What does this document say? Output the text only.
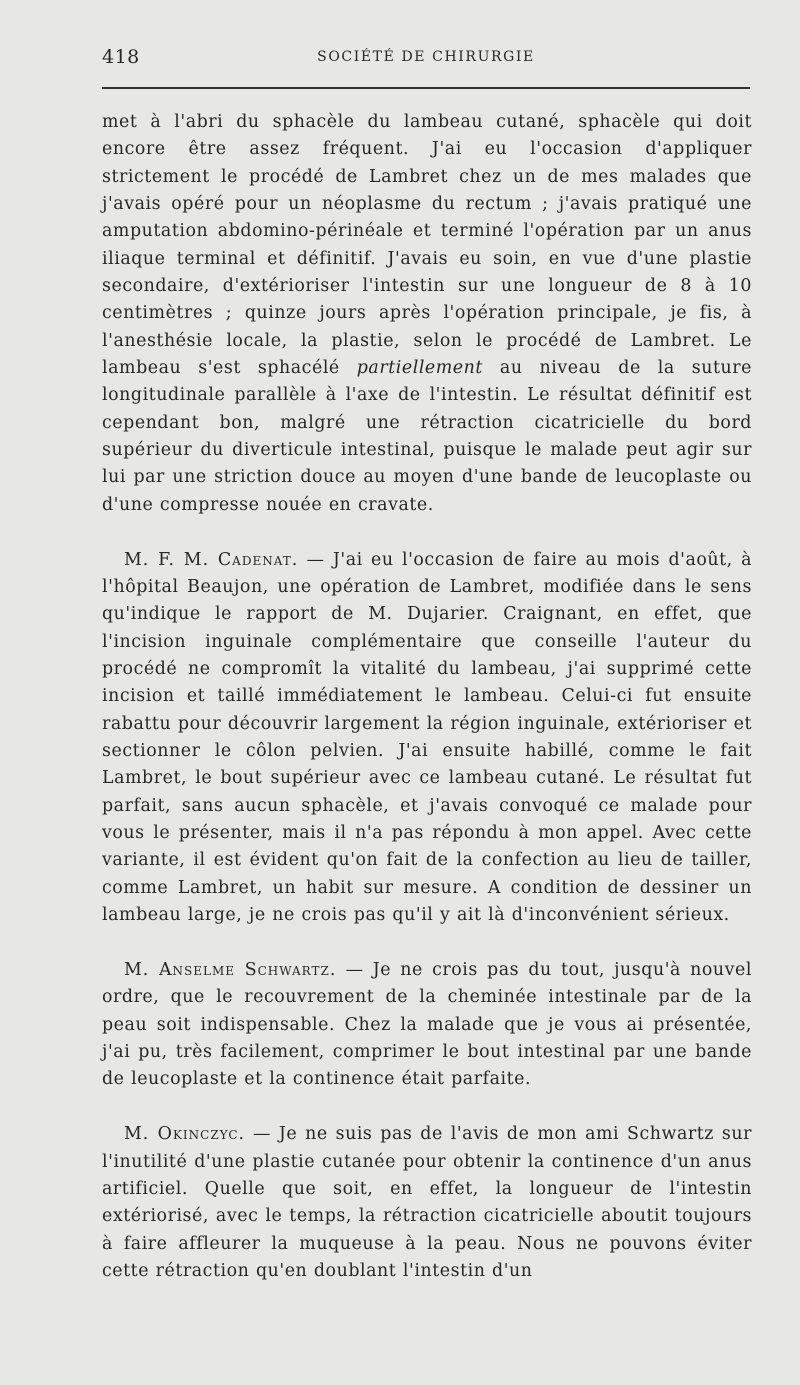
418	SOCIÉTÉ DE CHIRURGIE

met à l'abri du sphacèle du lambeau cutané, sphacèle qui doit encore être assez fréquent. J'ai eu l'occasion d'appliquer strictement le procédé de Lambret chez un de mes malades que j'avais opéré pour un néoplasme du rectum ; j'avais pratiqué une amputation abdomino-périnéale et terminé l'opération par un anus iliaque terminal et définitif. J'avais eu soin, en vue d'une plastie secondaire, d'extérioriser l'intestin sur une longueur de 8 à 10 centimètres ; quinze jours après l'opération principale, je fis, à l'anesthésie locale, la plastie, selon le procédé de Lambret. Le lambeau s'est sphacélé partiellement au niveau de la suture longitudinale parallèle à l'axe de l'intestin. Le résultat définitif est cependant bon, malgré une rétraction cicatricielle du bord supérieur du diverticule intestinal, puisque le malade peut agir sur lui par une striction douce au moyen d'une bande de leucoplaste ou d'une compresse nouée en cravate.

M. F. M. Cadenat. — J'ai eu l'occasion de faire au mois d'août, à l'hôpital Beaujon, une opération de Lambret, modifiée dans le sens qu'indique le rapport de M. Dujarier. Craignant, en effet, que l'incision inguinale complémentaire que conseille l'auteur du procédé ne compromît la vitalité du lambeau, j'ai supprimé cette incision et taillé immédiatement le lambeau. Celui-ci fut ensuite rabattu pour découvrir largement la région inguinale, extérioriser et sectionner le côlon pelvien. J'ai ensuite habillé, comme le fait Lambret, le bout supérieur avec ce lambeau cutané. Le résultat fut parfait, sans aucun sphacèle, et j'avais convoqué ce malade pour vous le présenter, mais il n'a pas répondu à mon appel. Avec cette variante, il est évident qu'on fait de la confection au lieu de tailler, comme Lambret, un habit sur mesure. A condition de dessiner un lambeau large, je ne crois pas qu'il y ait là d'inconvénient sérieux.

M. Anselme Schwartz. — Je ne crois pas du tout, jusqu'à nouvel ordre, que le recouvrement de la cheminée intestinale par de la peau soit indispensable. Chez la malade que je vous ai présentée, j'ai pu, très facilement, comprimer le bout intestinal par une bande de leucoplaste et la continence était parfaite.

M. Okinczyc. — Je ne suis pas de l'avis de mon ami Schwartz sur l'inutilité d'une plastie cutanée pour obtenir la continence d'un anus artificiel. Quelle que soit, en effet, la longueur de l'intestin extériorisé, avec le temps, la rétraction cicatricielle aboutit toujours à faire affleurer la muqueuse à la peau. Nous ne pouvons éviter cette rétraction qu'en doublant l'intestin d'un
